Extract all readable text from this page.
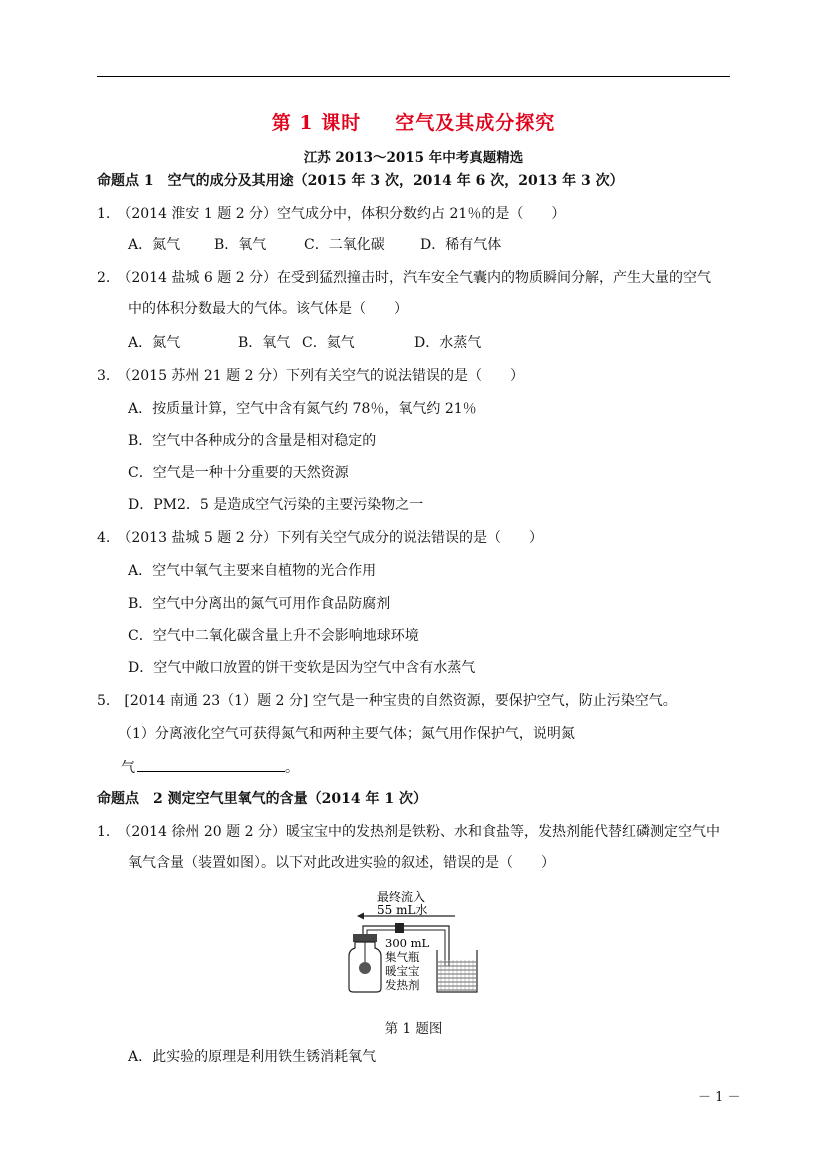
第 1 课时 空气及其成分探究
江苏 2013～2015 年中考真题精选
命题点 1　空气的成分及其用途（2015 年 3 次，2014 年 6 次，2013 年 3 次）
1.　（2014 淮安 1 题 2 分）空气成分中，体积分数约占 21％的是（　　）
A．氮气 B．氧气	C．二氧化碳	D．稀有气体
2.　（2014 盐城 6 题 2 分）在受到猛烈撞击时，汽车安全气囊内的物质瞬间分解，产生大量的空气
中的体积分数最大的气体。该气体是（　　）
A．氮气	B．氧气 C．氦气	D．水蒸气
3.　（2015 苏州 21 题 2 分）下列有关空气的说法错误的是（　　）
A．按质量计算，空气中含有氮气约 78％，氧气约 21％
B．空气中各种成分的含量是相对稳定的
C．空气是一种十分重要的天然资源
D．PM2．5 是造成空气污染的主要污染物之一
4.　（2013 盐城 5 题 2 分）下列有关空气成分的说法错误的是（　　）
A．空气中氧气主要来自植物的光合作用
B．空气中分离出的氮气可用作食品防腐剂
C．空气中二氧化碳含量上升不会影响地球环境
D．空气中敞口放置的饼干变软是因为空气中含有水蒸气
5.　[2014 南通 23（1）题 2 分] 空气是一种宝贵的自然资源，要保护空气，防止污染空气。
（1）分离液化空气可获得氮气和两种主要气体；氮气用作保护气，说明氮
气	。
命题点　2 测定空气里氧气的含量（2014 年 1 次）
1.　（2014 徐州 20 题 2 分）暖宝宝中的发热剂是铁粉、水和食盐等，发热剂能代替红磷测定空气中
氧气含量（装置如图）。以下对此改进实验的叙述，错误的是（　　）
最终流入
55 mL水
300 mL
集气瓶
暖宝宝
发热剂
第 1 题图
A．此实验的原理是利用铁生锈消耗氧气
－ 1 －
